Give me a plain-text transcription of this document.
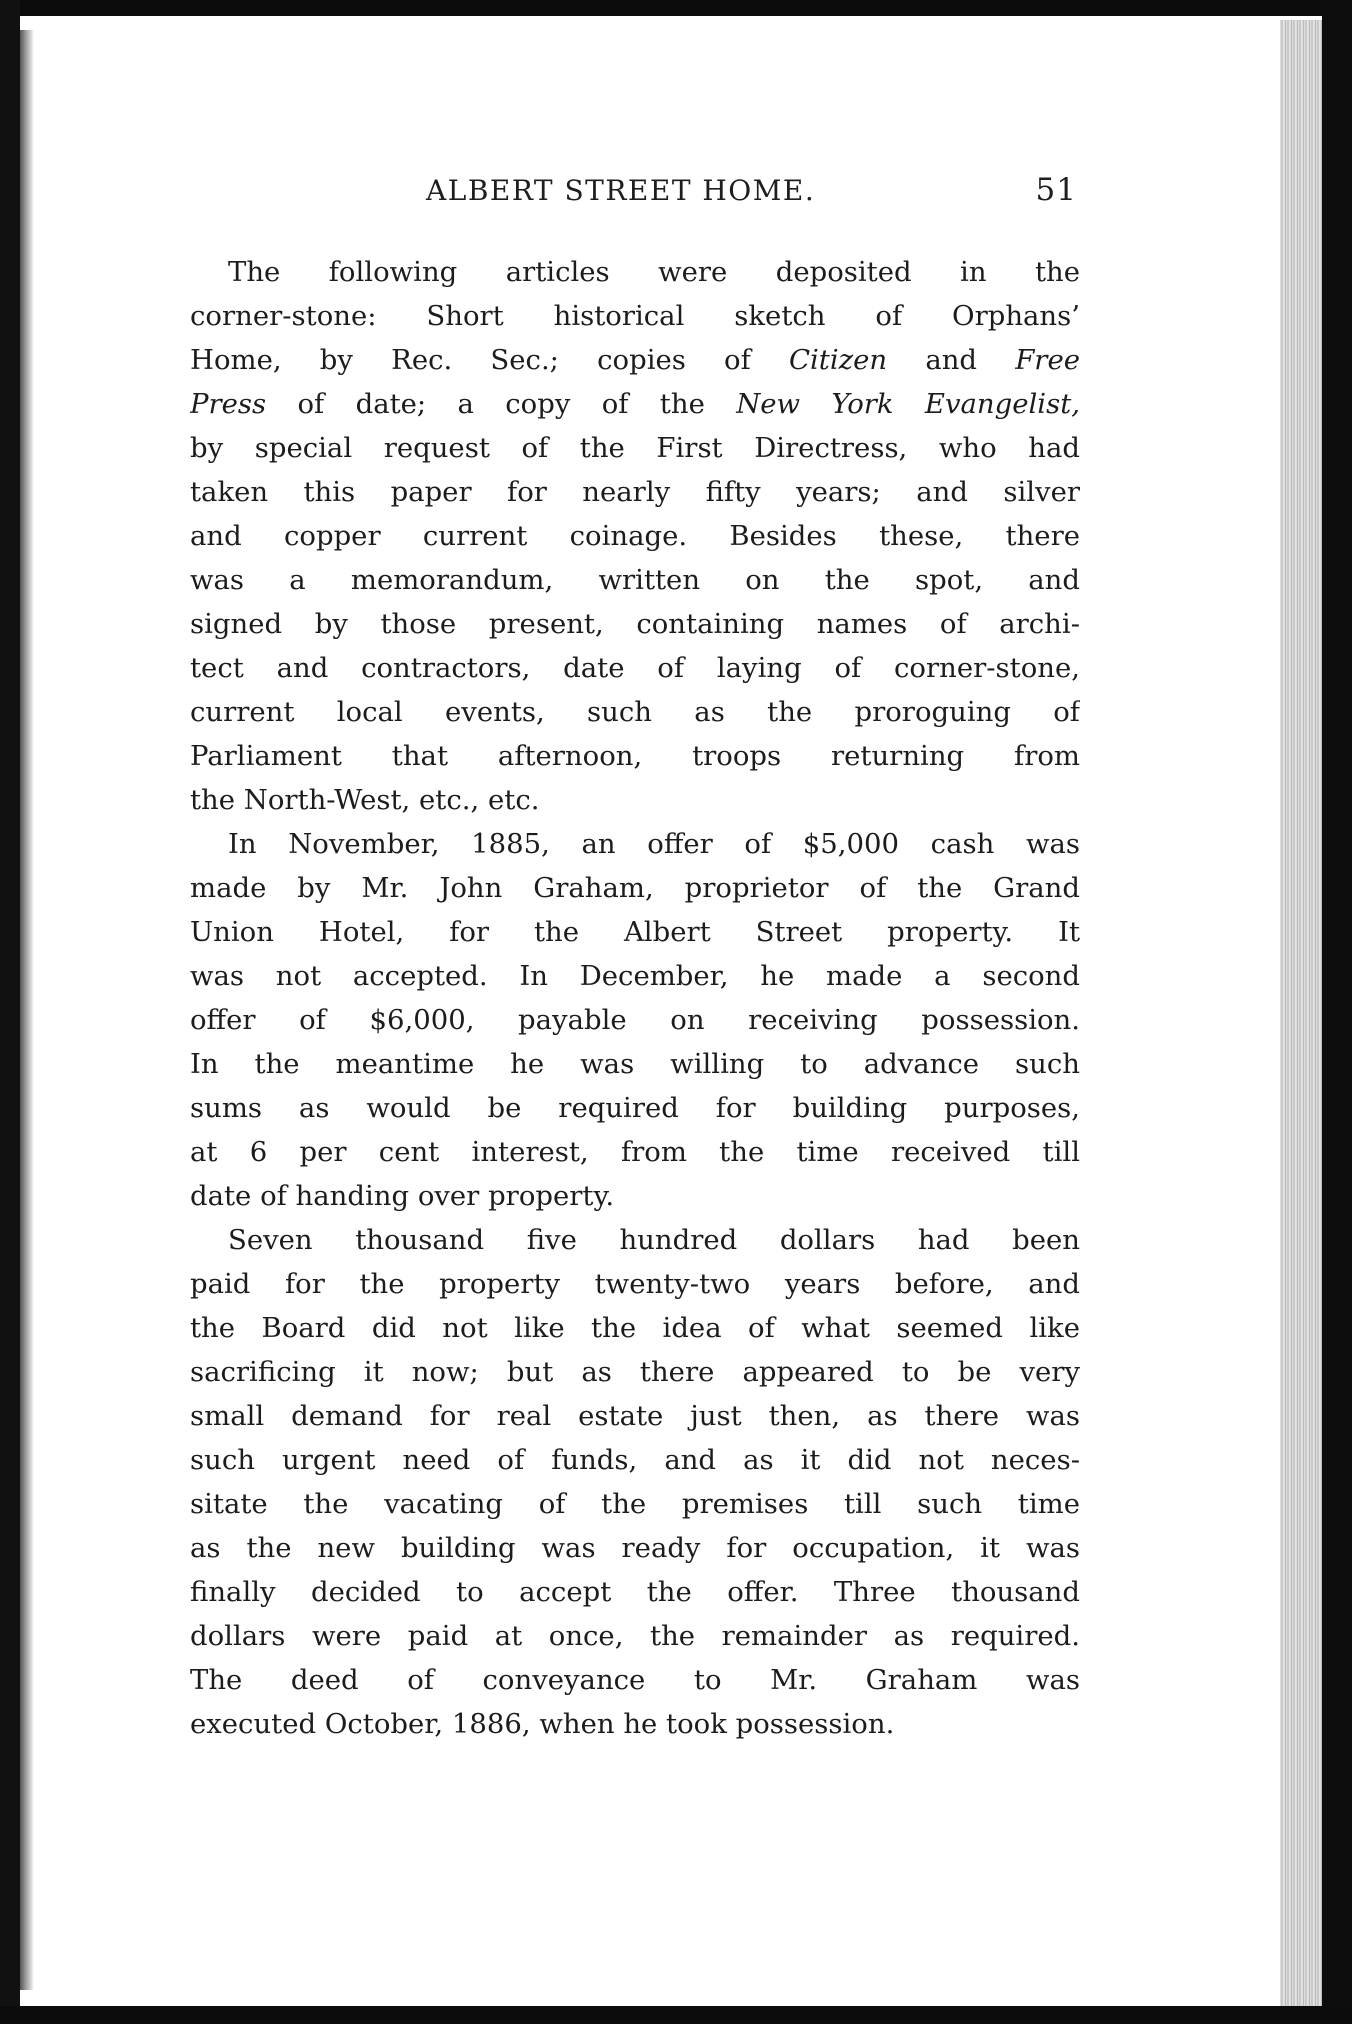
ALBERT STREET HOME.	51
The following articles were deposited in the
corner-stone: Short historical sketch of Orphans’
Home, by Rec. Sec.; copies of Citizen and Free
Press of date; a copy of the New York Evangelist,
by special request of the First Directress, who had
taken this paper for nearly fifty years; and silver
and copper current coinage. Besides these, there
was a memorandum, written on the spot, and
signed by those present, containing names of archi-
tect and contractors, date of laying of corner-stone,
current local events, such as the proroguing of
Parliament that afternoon, troops returning from
the North-West, etc., etc.
In November, 1885, an offer of $5,000 cash was
made by Mr. John Graham, proprietor of the Grand
Union Hotel, for the Albert Street property. It
was not accepted. In December, he made a second
offer of $6,000, payable on receiving possession.
In the meantime he was willing to advance such
sums as would be required for building purposes,
at 6 per cent interest, from the time received till
date of handing over property.
Seven thousand five hundred dollars had been
paid for the property twenty-two years before, and
the Board did not like the idea of what seemed like
sacrificing it now; but as there appeared to be very
small demand for real estate just then, as there was
such urgent need of funds, and as it did not neces-
sitate the vacating of the premises till such time
as the new building was ready for occupation, it was
finally decided to accept the offer. Three thousand
dollars were paid at once, the remainder as required.
The deed of conveyance to Mr. Graham was
executed October, 1886, when he took possession.
